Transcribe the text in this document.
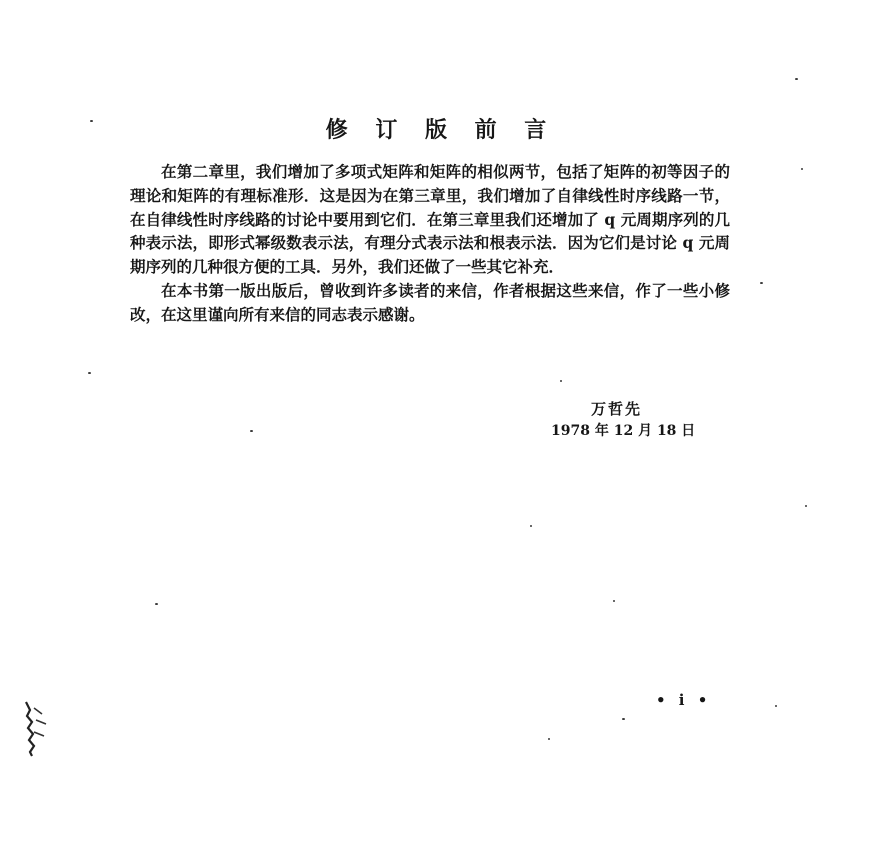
修 订 版 前 言

在第二章里，我们增加了多项式矩阵和矩阵的相似两节，包括了矩阵的初等因子的理论和矩阵的有理标准形．这是因为在第三章里，我们增加了自律线性时序线路一节，在自律线性时序线路的讨论中要用到它们．在第三章里我们还增加了 q 元周期序列的几种表示法，即形式幂级数表示法，有理分式表示法和根表示法．因为它们是讨论 q 元周期序列的几种很方便的工具．另外，我们还做了一些其它补充．

在本书第一版出版后，曾收到许多读者的来信，作者根据这些来信，作了一些小修改，在这里谨向所有来信的同志表示感谢。

万哲先
1978 年 12 月 18 日
• i •
